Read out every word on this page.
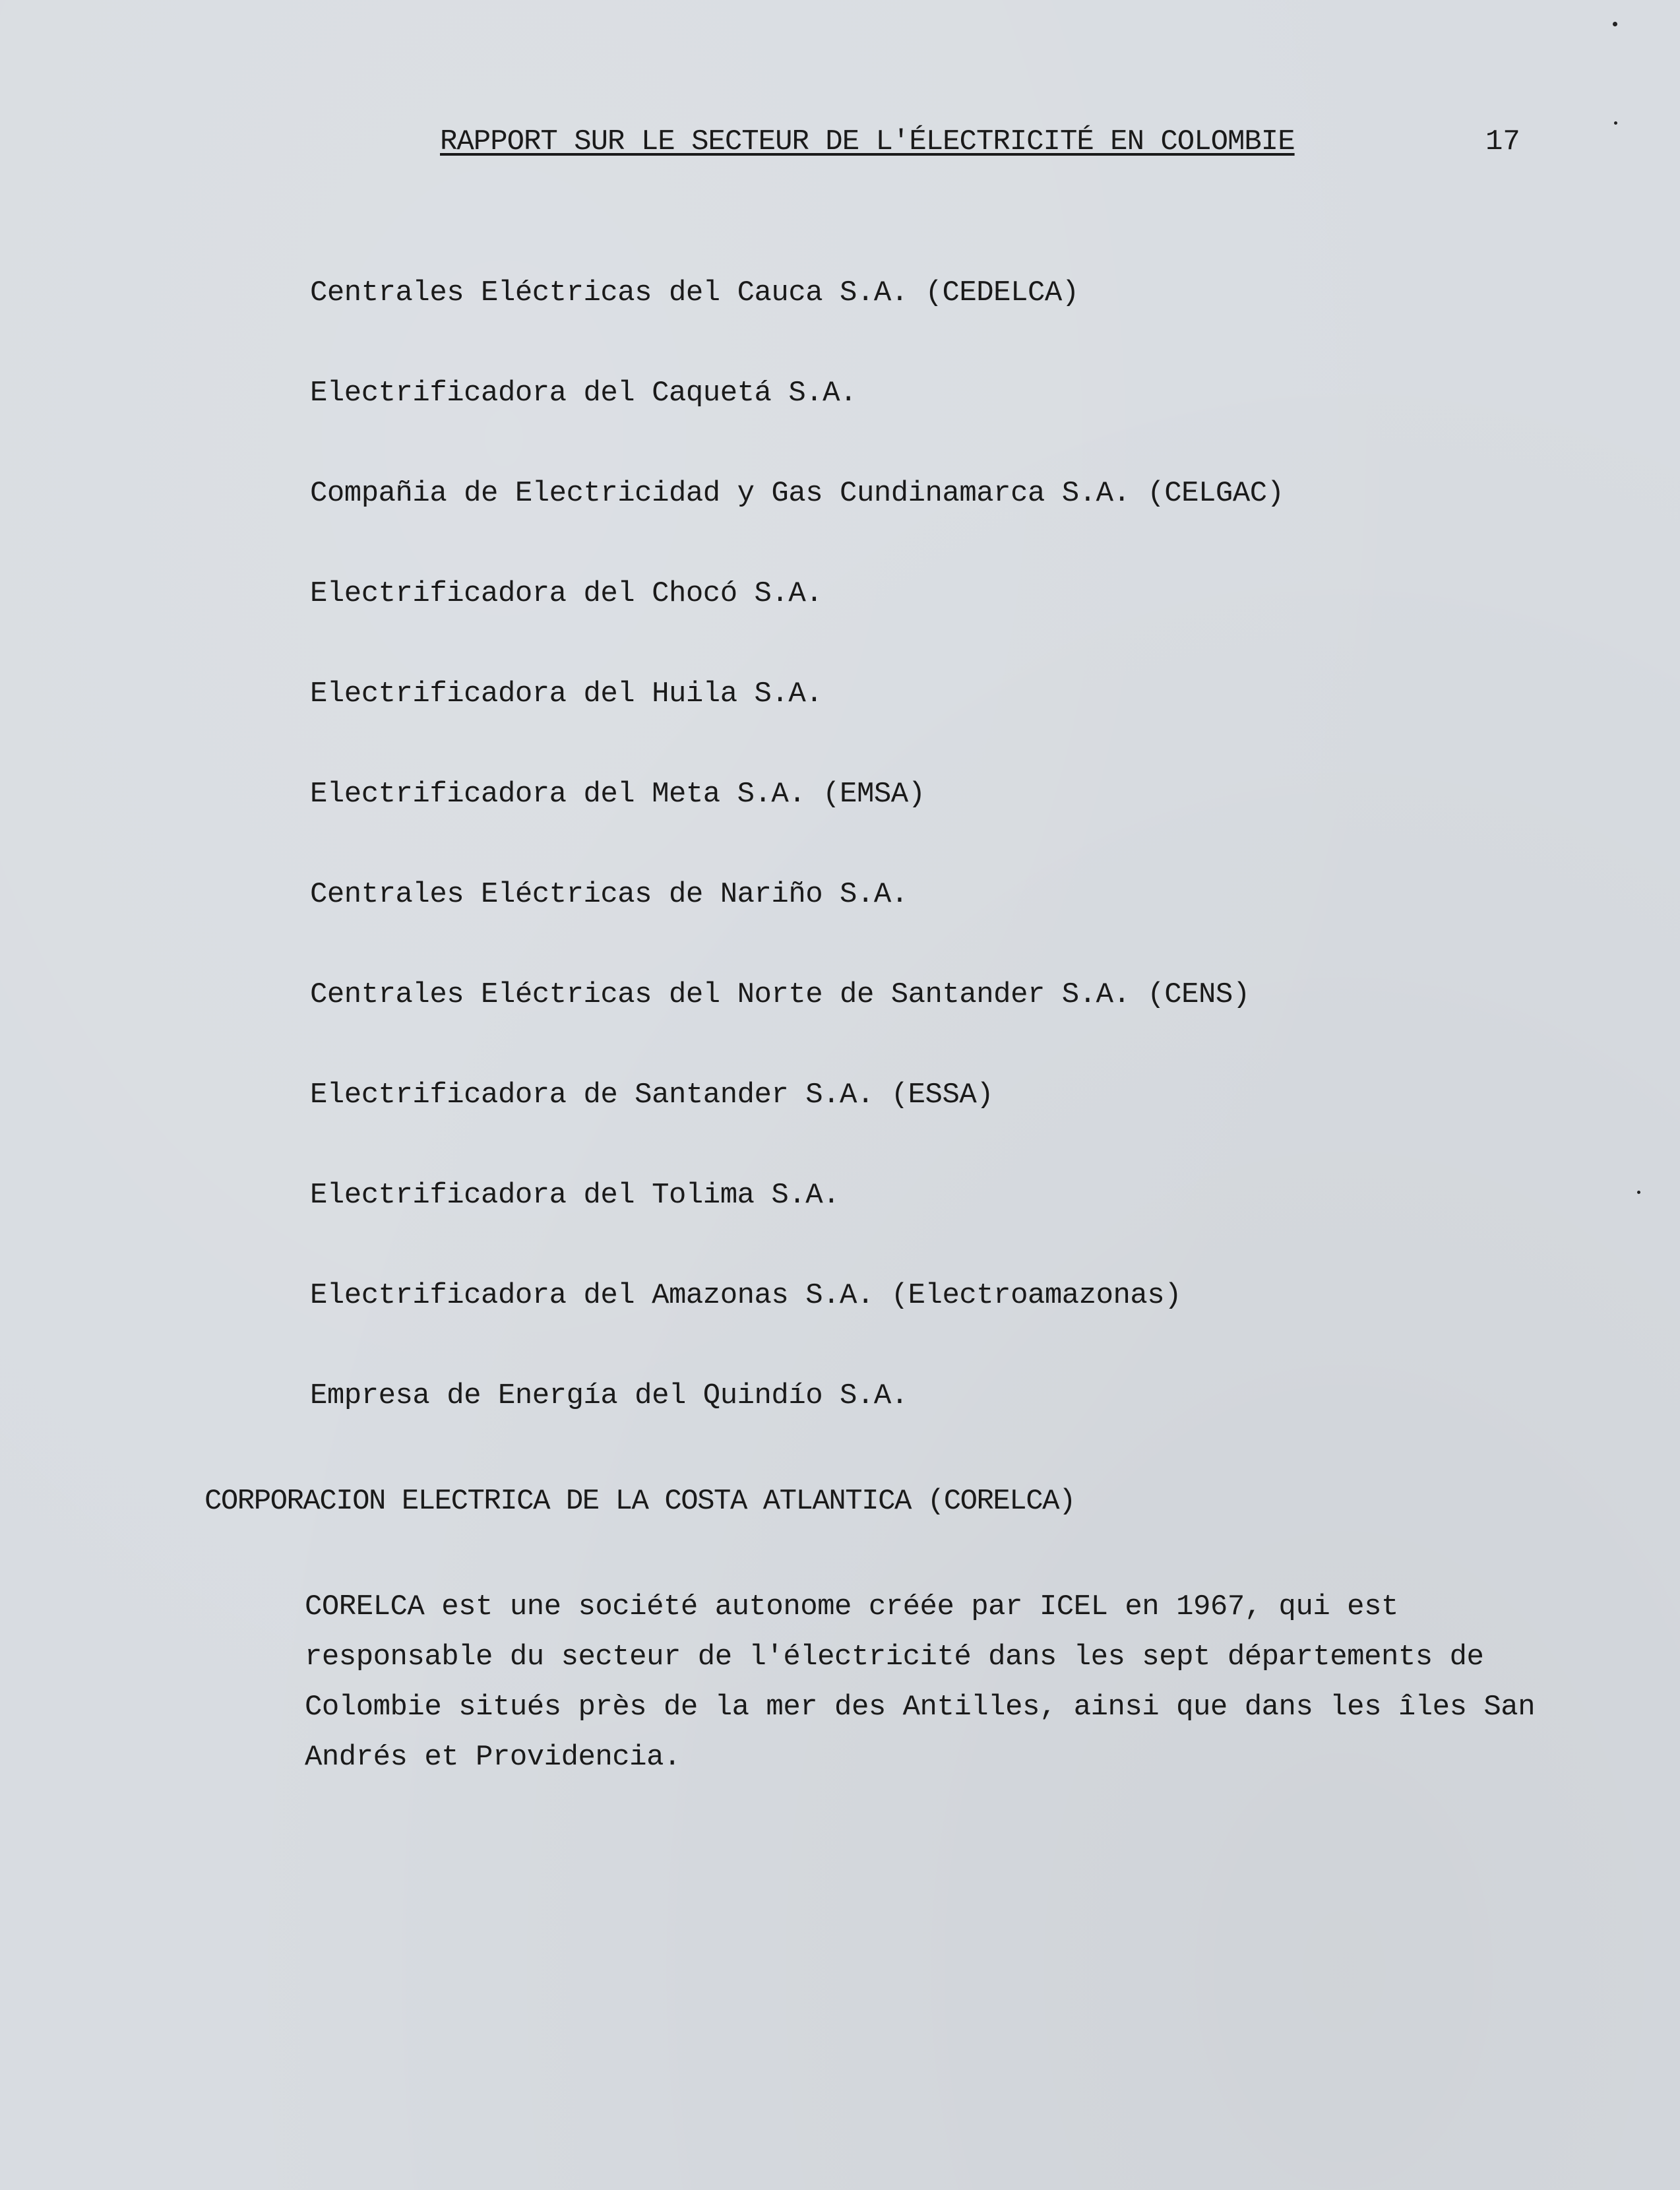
RAPPORT SUR LE SECTEUR DE L'ÉLECTRICITÉ EN COLOMBIE	17
Centrales Eléctricas del Cauca S.A. (CEDELCA)
Electrificadora del Caquetá S.A.
Compañia de Electricidad y Gas Cundinamarca S.A. (CELGAC)
Electrificadora del Chocó S.A.
Electrificadora del Huila S.A.
Electrificadora del Meta S.A. (EMSA)
Centrales Eléctricas de Nariño S.A.
Centrales Eléctricas del Norte de Santander S.A. (CENS)
Electrificadora de Santander S.A. (ESSA)
Electrificadora del Tolima S.A.
Electrificadora del Amazonas S.A. (Electroamazonas)
Empresa de Energía del Quindío S.A.
CORPORACION ELECTRICA DE LA COSTA ATLANTICA (CORELCA)

CORELCA est une société autonome créée par ICEL en 1967, qui est
responsable du secteur de l'électricité dans les sept départements de
Colombie situés près de la mer des Antilles, ainsi que dans les îles San
Andrés et Providencia.
